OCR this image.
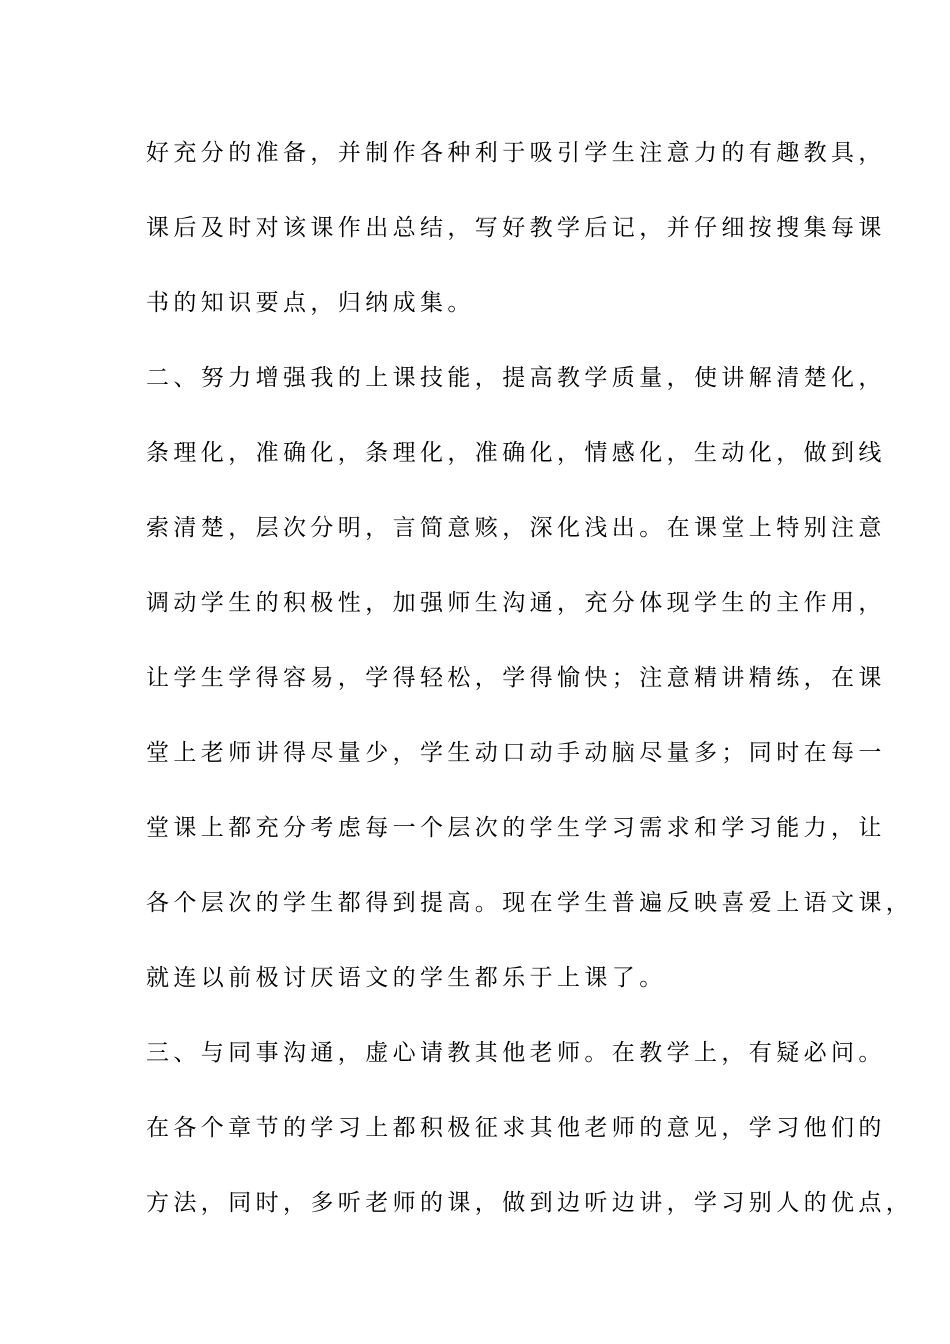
好充分的准备，并制作各种利于吸引学生注意力的有趣教具，
课后及时对该课作出总结，写好教学后记，并仔细按搜集每课
书的知识要点，归纳成集。
二、努力增强我的上课技能，提高教学质量，使讲解清楚化，
条理化，准确化，条理化，准确化，情感化，生动化，做到线
索清楚，层次分明，言简意赅，深化浅出。在课堂上特别注意
调动学生的积极性，加强师生沟通，充分体现学生的主作用，
让学生学得容易，学得轻松，学得愉快；注意精讲精练，在课
堂上老师讲得尽量少，学生动口动手动脑尽量多；同时在每一
堂课上都充分考虑每一个层次的学生学习需求和学习能力，让
各个层次的学生都得到提高。现在学生普遍反映喜爱上语文课，
就连以前极讨厌语文的学生都乐于上课了。
三、与同事沟通，虚心请教其他老师。在教学上，有疑必问。
在各个章节的学习上都积极征求其他老师的意见，学习他们的
方法，同时，多听老师的课，做到边听边讲，学习别人的优点，
